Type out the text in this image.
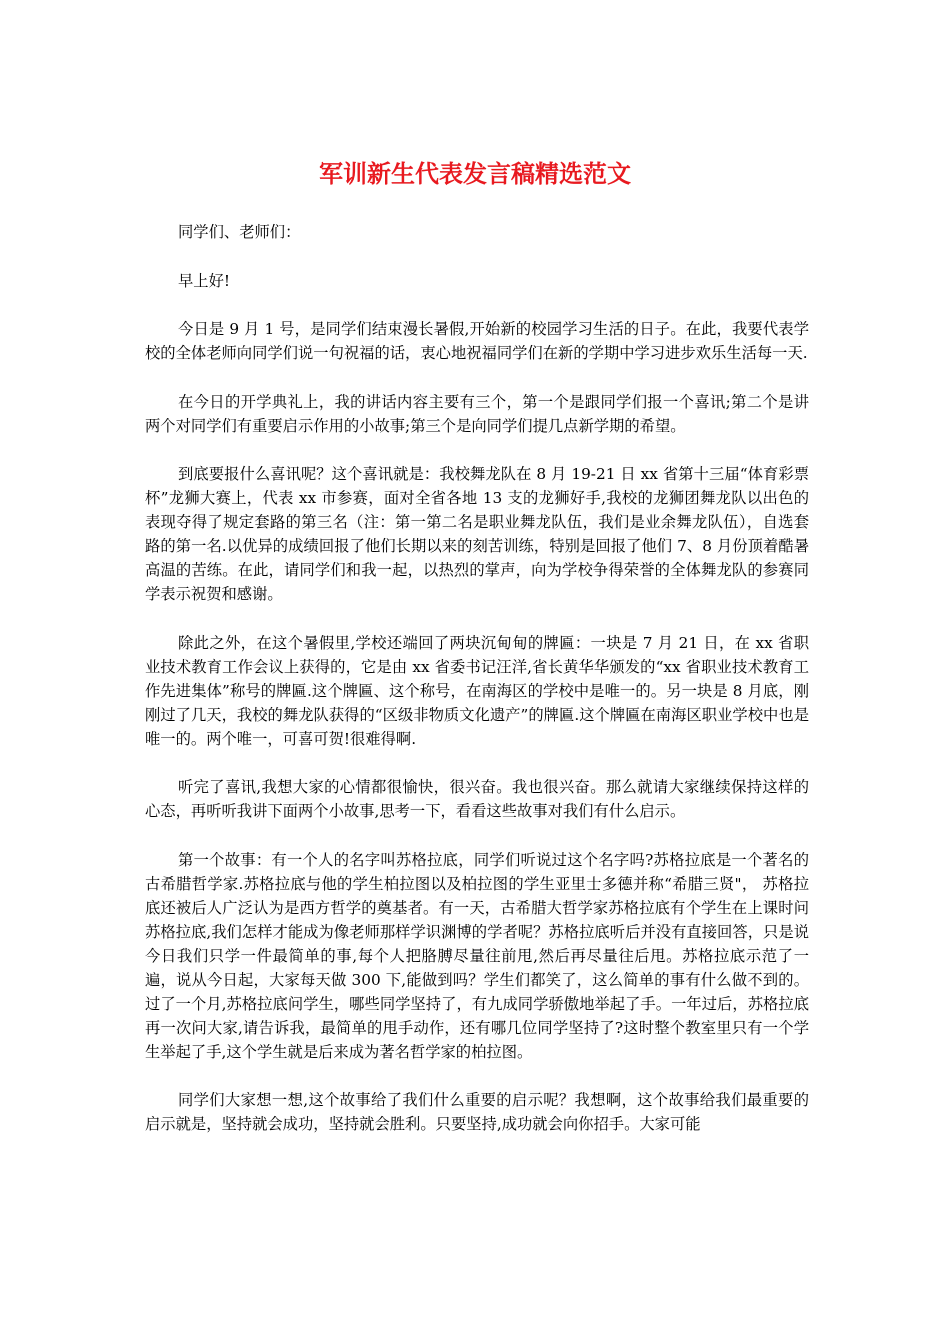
军训新生代表发言稿精选范文

同学们、老师们：

早上好!

今日是 9 月 1 号，是同学们结束漫长暑假,开始新的校园学习生活的日子。在此，我要代表学校的全体老师向同学们说一句祝福的话，衷心地祝福同学们在新的学期中学习进步欢乐生活每一天.

在今日的开学典礼上，我的讲话内容主要有三个，第一个是跟同学们报一个喜讯;第二个是讲两个对同学们有重要启示作用的小故事;第三个是向同学们提几点新学期的希望。

到底要报什么喜讯呢？这个喜讯就是：我校舞龙队在 8 月 19-21 日 xx 省第十三届“体育彩票杯”龙狮大赛上，代表 xx 市参赛，面对全省各地 13 支的龙狮好手,我校的龙狮团舞龙队以出色的表现夺得了规定套路的第三名（注：第一第二名是职业舞龙队伍，我们是业余舞龙队伍），自选套路的第一名.以优异的成绩回报了他们长期以来的刻苦训练，特别是回报了他们 7、8 月份顶着酷暑高温的苦练。在此，请同学们和我一起，以热烈的掌声，向为学校争得荣誉的全体舞龙队的参赛同学表示祝贺和感谢。

除此之外，在这个暑假里,学校还端回了两块沉甸甸的牌匾：一块是 7 月 21 日，在 xx 省职业技术教育工作会议上获得的，它是由 xx 省委书记汪洋,省长黄华华颁发的“xx 省职业技术教育工作先进集体”称号的牌匾.这个牌匾、这个称号，在南海区的学校中是唯一的。另一块是 8 月底，刚刚过了几天，我校的舞龙队获得的“区级非物质文化遗产”的牌匾.这个牌匾在南海区职业学校中也是唯一的。两个唯一，可喜可贺!很难得啊.

听完了喜讯,我想大家的心情都很愉快，很兴奋。我也很兴奋。那么就请大家继续保持这样的心态，再听听我讲下面两个小故事,思考一下，看看这些故事对我们有什么启示。

第一个故事：有一个人的名字叫苏格拉底，同学们听说过这个名字吗?苏格拉底是一个著名的古希腊哲学家.苏格拉底与他的学生柏拉图以及柏拉图的学生亚里士多德并称“希腊三贤"， 苏格拉底还被后人广泛认为是西方哲学的奠基者。有一天，古希腊大哲学家苏格拉底有个学生在上课时问苏格拉底,我们怎样才能成为像老师那样学识渊博的学者呢？苏格拉底听后并没有直接回答，只是说今日我们只学一件最简单的事,每个人把胳膊尽量往前甩,然后再尽量往后甩。苏格拉底示范了一遍，说从今日起，大家每天做 300 下,能做到吗？学生们都笑了，这么简单的事有什么做不到的。过了一个月,苏格拉底问学生，哪些同学坚持了，有九成同学骄傲地举起了手。一年过后，苏格拉底再一次问大家,请告诉我，最简单的甩手动作，还有哪几位同学坚持了?这时整个教室里只有一个学生举起了手,这个学生就是后来成为著名哲学家的柏拉图。

同学们大家想一想,这个故事给了我们什么重要的启示呢？我想啊，这个故事给我们最重要的启示就是，坚持就会成功，坚持就会胜利。只要坚持,成功就会向你招手。大家可能
